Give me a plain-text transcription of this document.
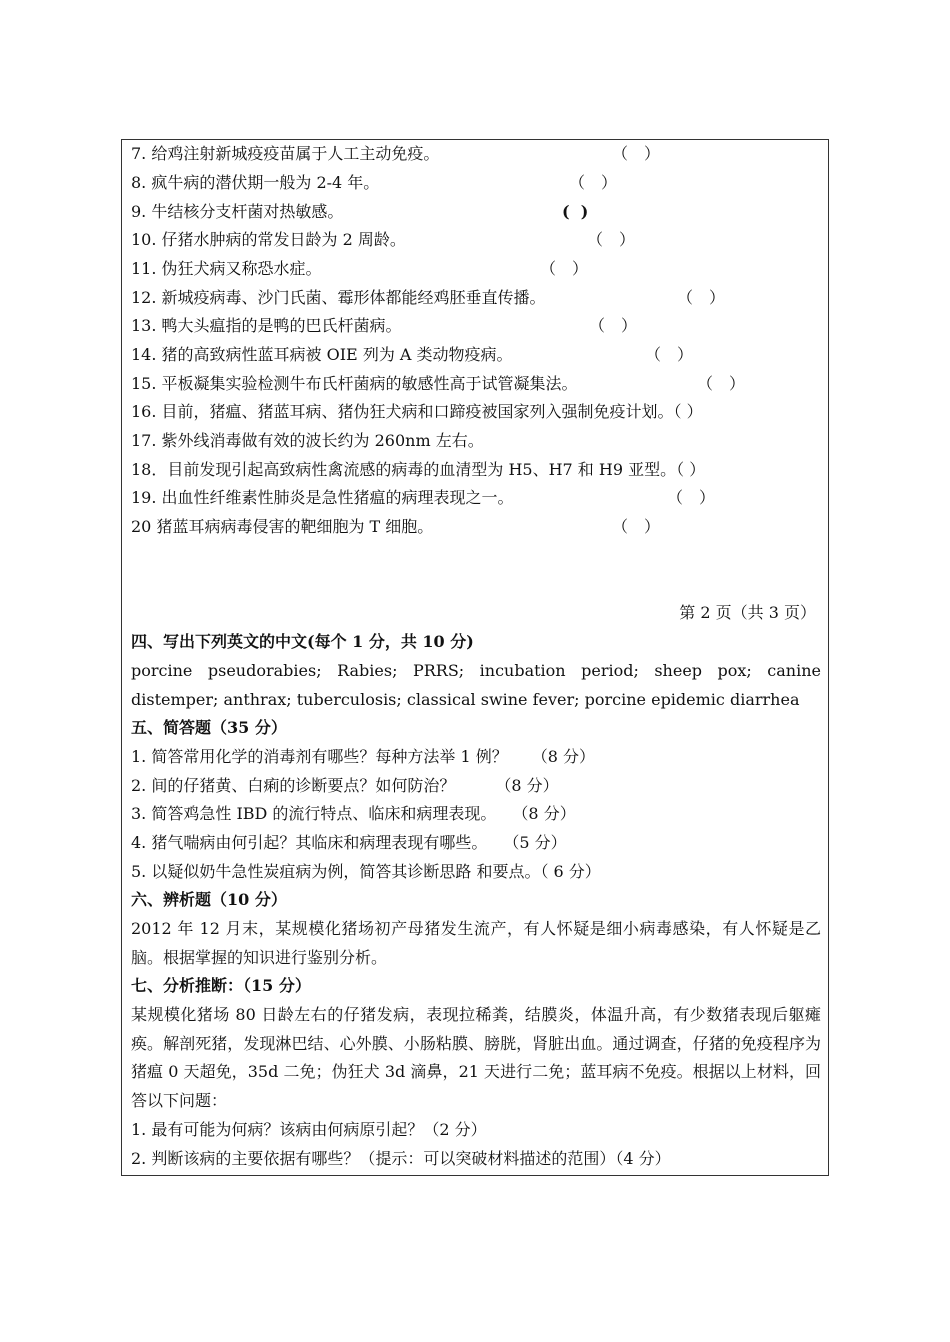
7. 给鸡注射新城疫疫苗属于人工主动免疫。	（　）
8. 疯牛病的潜伏期一般为 2-4 年。	（　）
9. 牛结核分支杆菌对热敏感。	(  )
10. 仔猪水肿病的常发日龄为 2 周龄。	（　）
11. 伪狂犬病又称恐水症。	（　）
12. 新城疫病毒、沙门氏菌、霉形体都能经鸡胚垂直传播。	（　）
13. 鸭大头瘟指的是鸭的巴氏杆菌病。	（　）
14. 猪的高致病性蓝耳病被 OIE 列为 A 类动物疫病。	（　）
15. 平板凝集实验检测牛布氏杆菌病的敏感性高于试管凝集法。	（　）
16. 目前，猪瘟、猪蓝耳病、猪伪狂犬病和口蹄疫被国家列入强制免疫计划。（ ）
17. 紫外线消毒做有效的波长约为 260nm 左右。
18．目前发现引起高致病性禽流感的病毒的血清型为 H5、H7 和 H9 亚型。（ ）
19. 出血性纤维素性肺炎是急性猪瘟的病理表现之一。	（　）
20 猪蓝耳病病毒侵害的靶细胞为 T 细胞。	（　）
第 2 页（共 3 页）
四、写出下列英文的中文(每个 1 分，共 10 分)
porcine pseudorabies; Rabies; PRRS; incubation period; sheep pox; canine distemper; anthrax; tuberculosis; classical swine fever; porcine epidemic diarrhea
五、简答题（35 分）
1. 简答常用化学的消毒剂有哪些？每种方法举 1 例？　　（8 分）
2. 间的仔猪黄、白痢的诊断要点？如何防治？　　　（8 分）
3. 简答鸡急性 IBD 的流行特点、临床和病理表现。　　（8 分）
4. 猪气喘病由何引起？其临床和病理表现有哪些。　　（5 分）
5. 以疑似奶牛急性炭疽病为例，简答其诊断思路 和要点。（ 6 分）
六、辨析题（10 分）
2012 年 12 月末，某规模化猪场初产母猪发生流产，有人怀疑是细小病毒感染，有人怀疑是乙脑。根据掌握的知识进行鉴别分析。
七、分析推断：（15 分）
某规模化猪场 80 日龄左右的仔猪发病，表现拉稀粪，结膜炎，体温升高，有少数猪表现后躯瘫痪。解剖死猪，发现淋巴结、心外膜、小肠粘膜、膀胱，肾脏出血。通过调查，仔猪的免疫程序为猪瘟 0 天超免，35d 二免；伪狂犬 3d 滴鼻，21 天进行二免；蓝耳病不免疫。根据以上材料，回答以下问题：
1. 最有可能为何病？该病由何病原引起？（2 分）
2. 判断该病的主要依据有哪些？（提示：可以突破材料描述的范围）（4 分）
